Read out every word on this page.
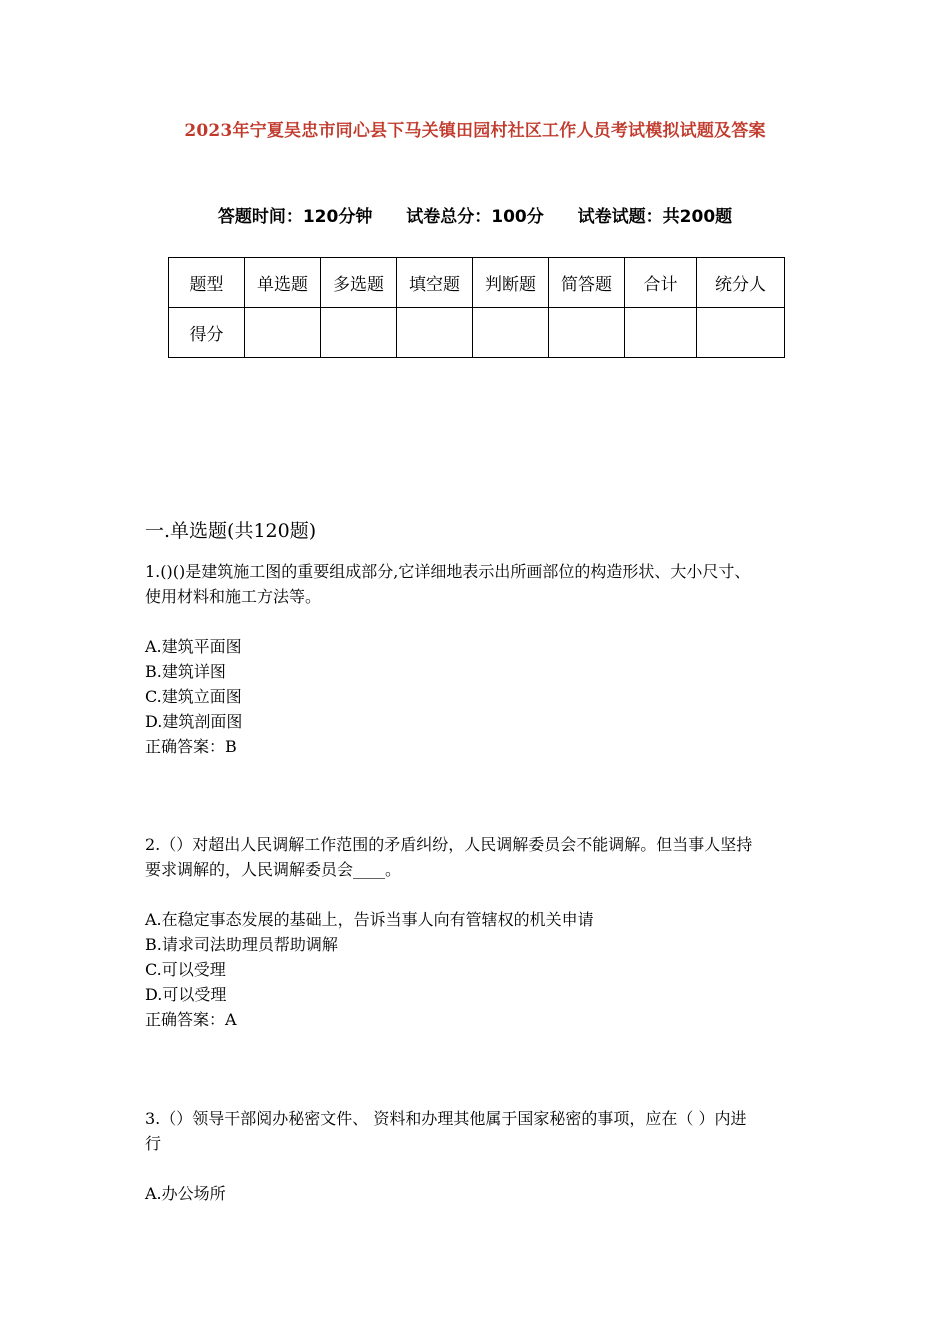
2023年宁夏吴忠市同心县下马关镇田园村社区工作人员考试模拟试题及答案
答题时间：120分钟 试卷总分：100分 试卷试题：共200题
题型	单选题	多选题	填空题	判断题	简答题	合计	统分人
得分							
一.单选题(共120题)

1.()()是建筑施工图的重要组成部分,它详细地表示出所画部位的构造形状、大小尺寸、

使用材料和施工方法等。

A.建筑平面图

B.建筑详图

C.建筑立面图

D.建筑剖面图

正确答案：B

2.（）对超出人民调解工作范围的矛盾纠纷，人民调解委员会不能调解。但当事人坚持

要求调解的，人民调解委员会____。

A.在稳定事态发展的基础上，告诉当事人向有管辖权的机关申请

B.请求司法助理员帮助调解

C.可以受理

D.可以受理

正确答案：A

3.（）领导干部阅办秘密文件、 资料和办理其他属于国家秘密的事项，应在（ ）内进

行

A.办公场所
